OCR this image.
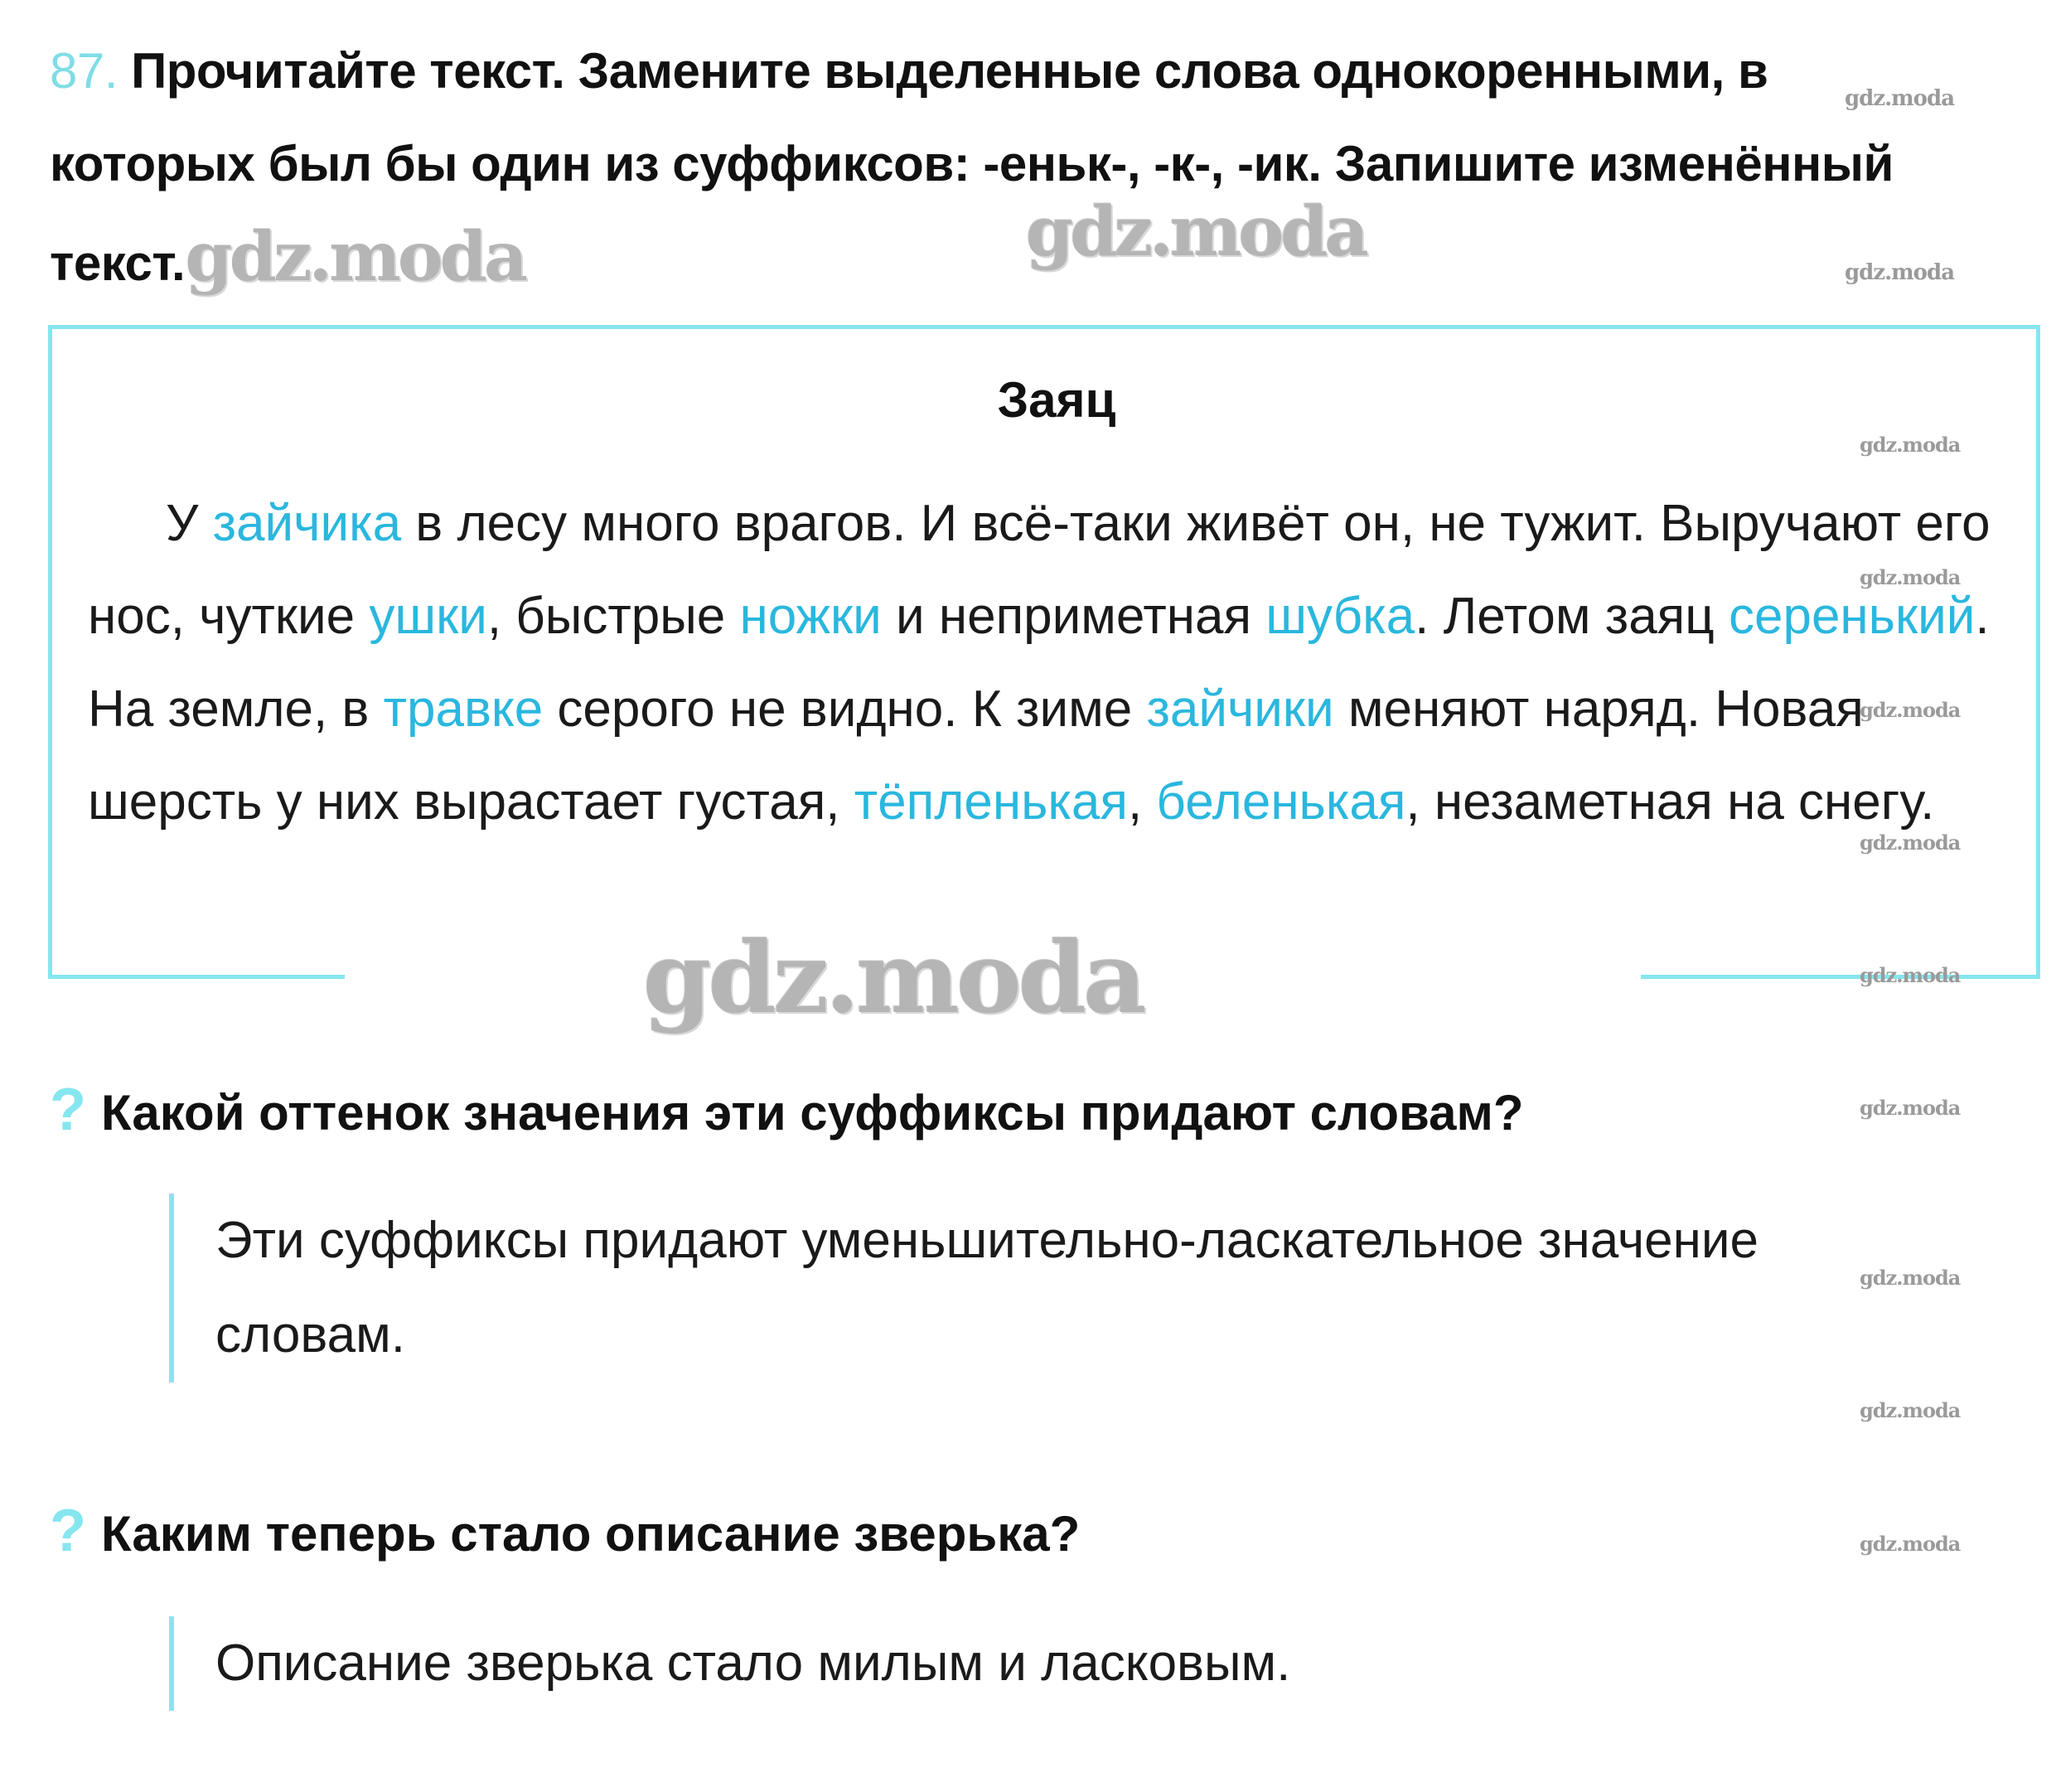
87. Прочитайте текст. Замените выделенные слова однокоренными, в которых был бы один из суффиксов: -еньк-, -к-, -ик. Запишите изменённый текст.gdz.moda	gdz.moda
gdz.moda
gdz.moda
Заяц

У зайчика в лесу много врагов. И всё-таки живёт он, не тужит. Выручают его нос, чуткие ушки, быстрые ножки и неприметная шубка. Летом заяц серенький. На земле, в травке серого не видно. К зиме зайчики меняют наряд. Новая шерсть у них вырастает густая, тёпленькая, беленькая, незаметная на снегу.

gdz.moda
gdz.moda
gdz.moda
gdz.moda
gdz.moda
gdz.moda
gdz.moda
gdz.moda
gdz.moda
gdz.moda
? Какой оттенок значения эти суффиксы придают словам?
Эти суффиксы придают уменьшительно-ласкательное значение словам.
? Каким теперь стало описание зверька?
Описание зверька стало милым и ласковым.
